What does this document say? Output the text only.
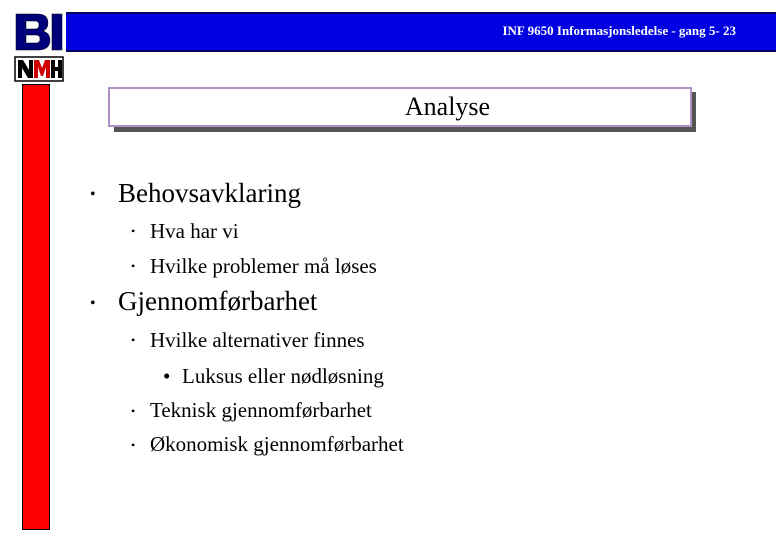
INF 9650 Informasjonsledelse - gang 5- 23
Analyse
• Behovsavklaring
• Hva har vi
• Hvilke problemer må løses
• Gjennomførbarhet
• Hvilke alternativer finnes
• Luksus eller nødløsning
• Teknisk gjennomførbarhet
• Økonomisk gjennomførbarhet
